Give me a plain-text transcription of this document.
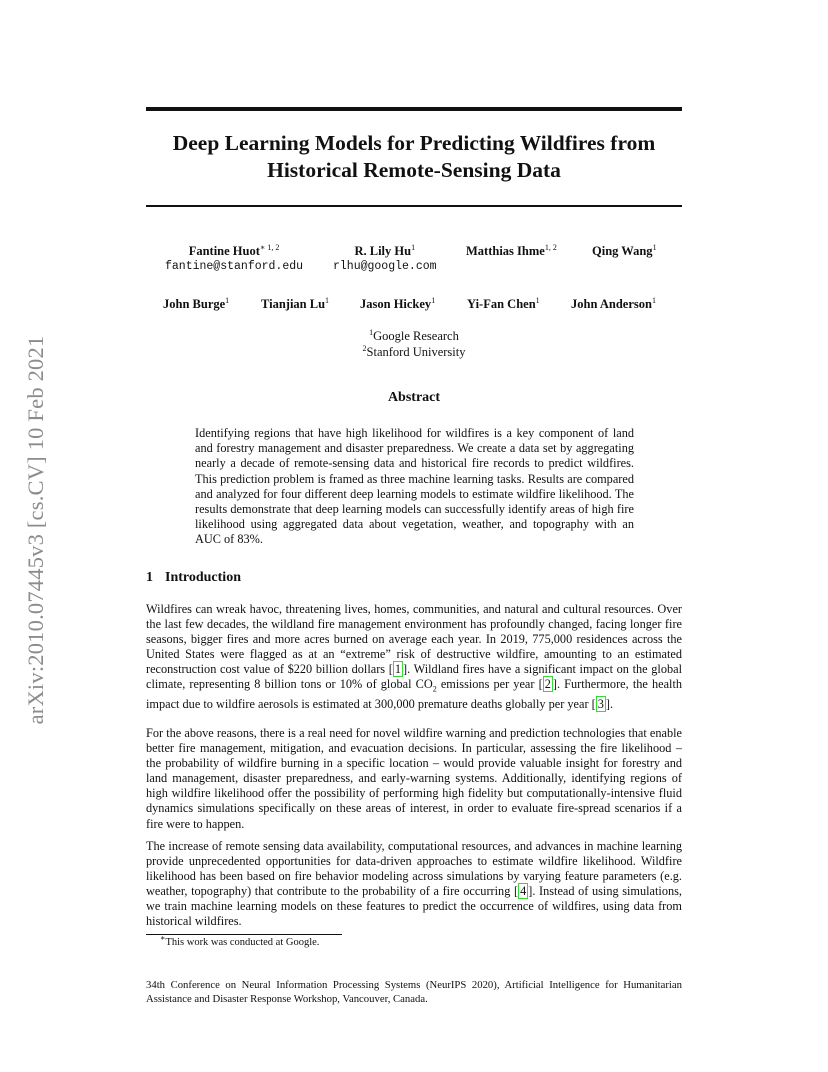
arXiv:2010.07445v3 [cs.CV] 10 Feb 2021
Deep Learning Models for Predicting Wildfires from Historical Remote-Sensing Data
Fantine Huot$^{∗ 1, 2}$
fantine@stanford.edu
R. Lily Hu$^1$
rlhu@google.com
Matthias Ihme$^{1, 2}$	Qing Wang$^1$
John Burge$^1$	Tianjian Lu$^1$ Jason Hickey$^1$	Yi-Fan Chen$^1$	John Anderson$^1$
$^1$Google Research
$^2$Stanford University
Abstract

Identifying regions that have high likelihood for wildfires is a key component of land and forestry management and disaster preparedness. We create a data set by aggregating nearly a decade of remote-sensing data and historical fire records to predict wildfires. This prediction problem is framed as three machine learning tasks. Results are compared and analyzed for four different deep learning models to estimate wildfire likelihood. The results demonstrate that deep learning models can successfully identify areas of high fire likelihood using aggregated data about vegetation, weather, and topography with an AUC of 83%.

1 Introduction

Wildfires can wreak havoc, threatening lives, homes, communities, and natural and cultural resources. Over the last few decades, the wildland fire management environment has profoundly changed, facing longer fire seasons, bigger fires and more acres burned on average each year. In 2019, 775,000 residences across the United States were flagged as at an “extreme” risk of destructive wildfire, amounting to an estimated reconstruction cost value of $220 billion dollars [ 1 ]. Wildland fires have a significant impact on the global climate, representing 8 billion tons or 10% of global $CO_2$ emissions per year [ 2 ]. Furthermore, the health impact due to wildfire aerosols is estimated at 300,000 premature deaths globally per year [ 3 ].

For the above reasons, there is a real need for novel wildfire warning and prediction technologies that enable better fire management, mitigation, and evacuation decisions. In particular, assessing the fire likelihood – the probability of wildfire burning in a specific location – would provide valuable insight for forestry and land management, disaster preparedness, and early-warning systems. Additionally, identifying regions of high wildfire likelihood offer the possibility of performing high fidelity but computationally-intensive fluid dynamics simulations specifically on these areas of interest, in order to evaluate fire-spread scenarios if a fire were to happen.

The increase of remote sensing data availability, computational resources, and advances in machine learning provide unprecedented opportunities for data-driven approaches to estimate wildfire likelihood. Wildfire likelihood has been based on fire behavior modeling across simulations by varying feature parameters (e.g. weather, topography) that contribute to the probability of a fire occurring [ 4 ]. Instead of using simulations, we train machine learning models on these features to predict the occurrence of wildfires, using data from historical wildfires.

∗This work was conducted at Google.

34th Conference on Neural Information Processing Systems (NeurIPS 2020), Artificial Intelligence for Humanitarian Assistance and Disaster Response Workshop, Vancouver, Canada.
